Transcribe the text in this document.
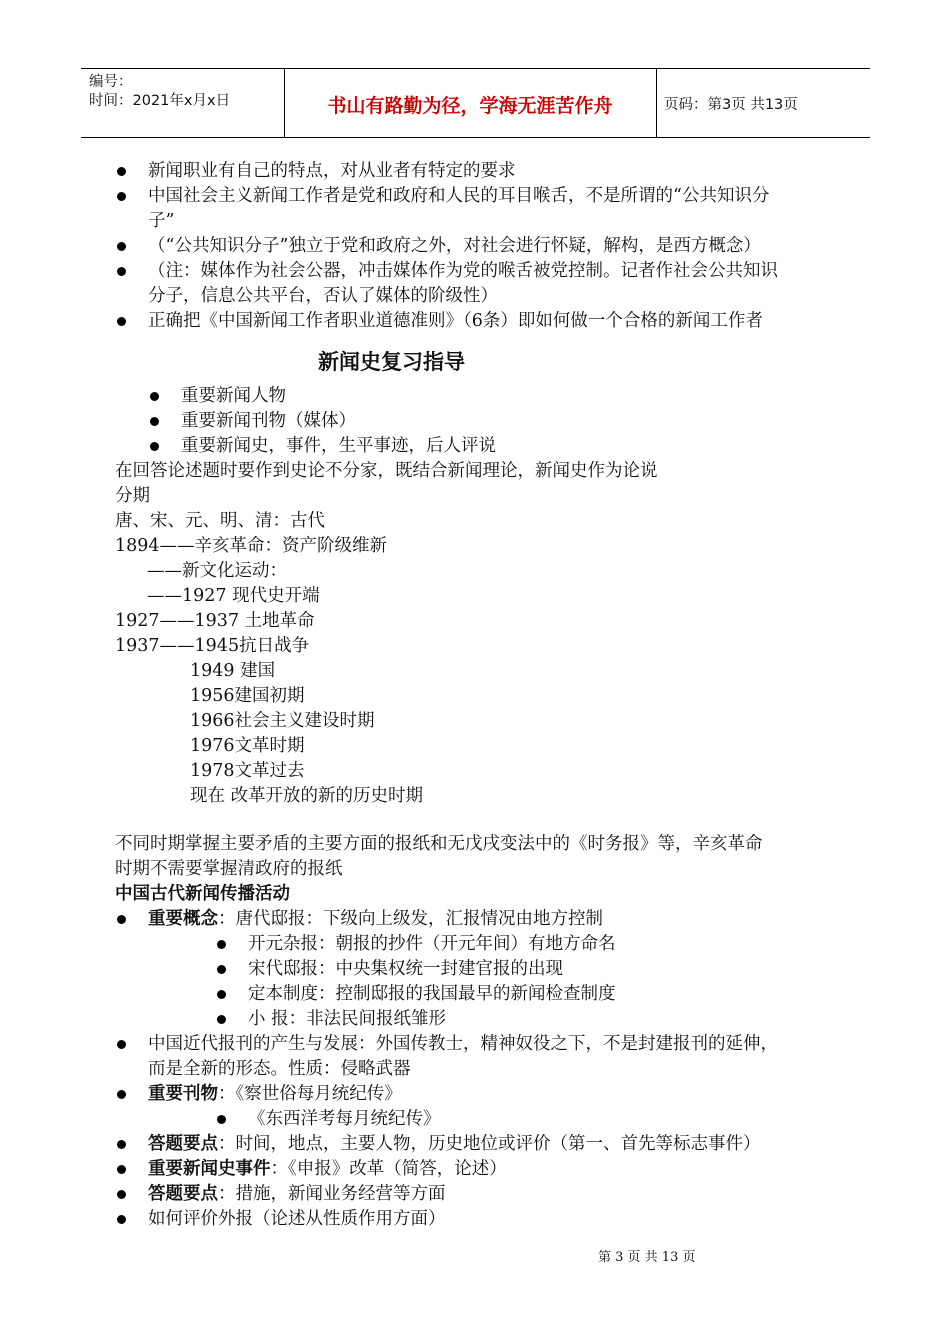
编号：
时间：2021年x月x日	书山有路勤为径，学海无涯苦作舟	页码：第3页 共13页
新闻职业有自己的特点，对从业者有特定的要求
中国社会主义新闻工作者是党和政府和人民的耳目喉舌，不是所谓的“公共知识分
子”
（“公共知识分子”独立于党和政府之外，对社会进行怀疑，解构，是西方概念）
（注：媒体作为社会公器，冲击媒体作为党的喉舌被党控制。记者作社会公共知识
分子，信息公共平台，否认了媒体的阶级性）
正确把《中国新闻工作者职业道德准则》（6条）即如何做一个合格的新闻工作者
新闻史复习指导
重要新闻人物
重要新闻刊物（媒体）
重要新闻史，事件，生平事迹，后人评说
在回答论述题时要作到史论不分家，既结合新闻理论，新闻史作为论说
分期
唐、宋、元、明、清：古代
1894——辛亥革命：资产阶级维新
——新文化运动：
——1927 现代史开端
1927——1937 土地革命
1937——1945抗日战争
1949 建国
1956建国初期
1966社会主义建设时期
1976文革时期
1978文革过去
现在 改革开放的新的历史时期
不同时期掌握主要矛盾的主要方面的报纸和无戊戌变法中的《时务报》等，辛亥革命
时期不需要掌握清政府的报纸
中国古代新闻传播活动
重要概念：唐代邸报：下级向上级发，汇报情况由地方控制
开元杂报：朝报的抄件（开元年间）有地方命名
宋代邸报：中央集权统一封建官报的出现
定本制度：控制邸报的我国最早的新闻检查制度
小 报：非法民间报纸雏形
中国近代报刊的产生与发展：外国传教士，精神奴役之下，不是封建报刊的延伸，
而是全新的形态。性质：侵略武器
重要刊物：《察世俗每月统纪传》
《东西洋考每月统纪传》
答题要点：时间，地点，主要人物，历史地位或评价（第一、首先等标志事件）
重要新闻史事件：《申报》改革（简答，论述）
答题要点：措施，新闻业务经营等方面
如何评价外报（论述从性质作用方面）
第 3 页 共 13 页
